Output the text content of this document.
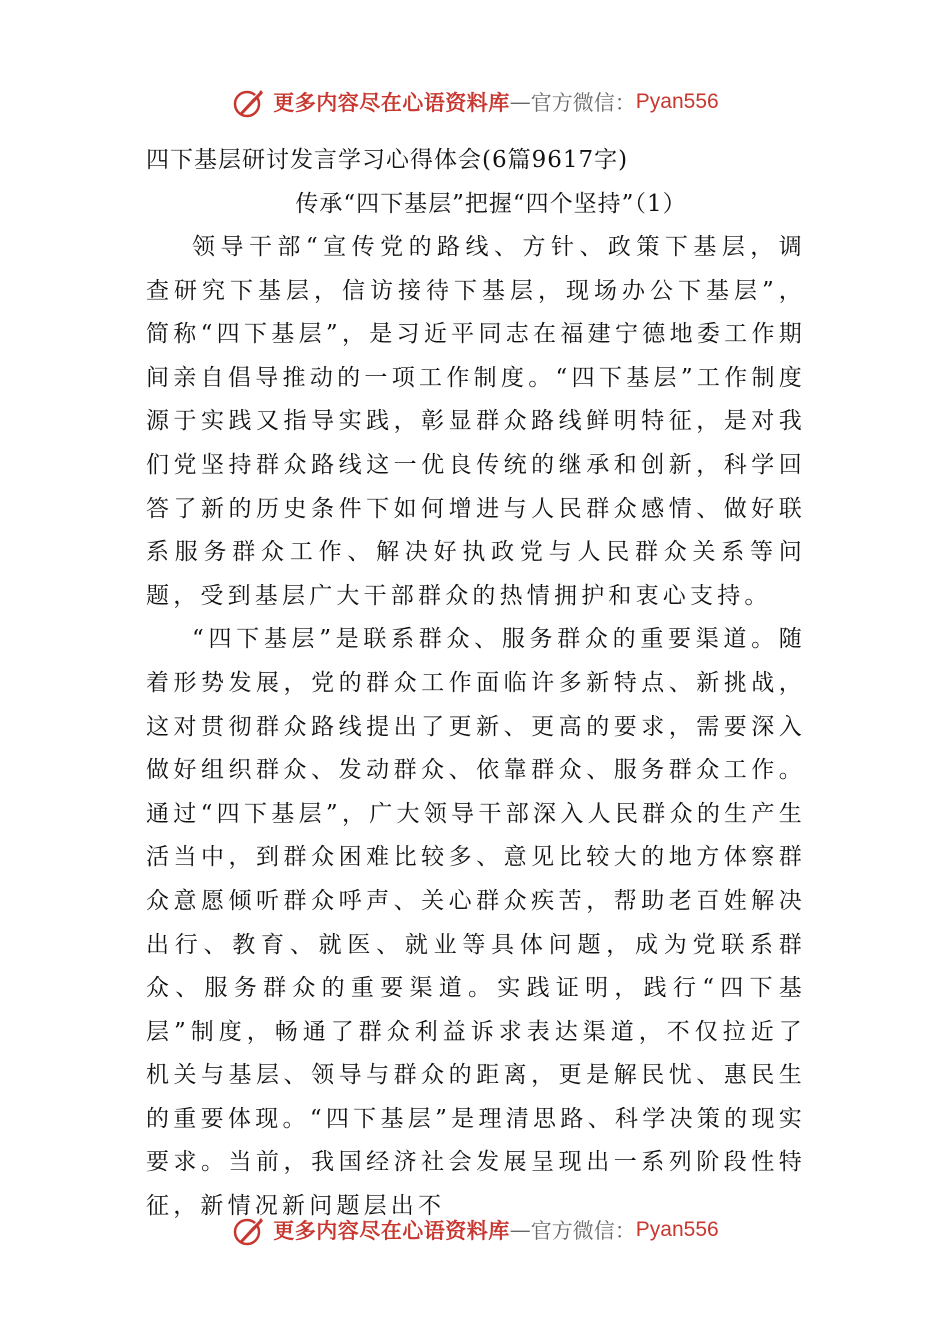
更多内容尽在心语资料库 — 官方微信： Pyan556
四下基层研讨发言学习心得体会(6篇9617字)
传承“四下基层”把握“四个坚持”（1）

领导干部“宣传党的路线、方针、政策下基层，调查研究下基层，信访接待下基层，现场办公下基层”，简称“四下基层”，是习近平同志在福建宁德地委工作期间亲自倡导推动的一项工作制度。“四下基层”工作制度源于实践又指导实践，彰显群众路线鲜明特征，是对我们党坚持群众路线这一优良传统的继承和创新，科学回答了新的历史条件下如何增进与人民群众感情、做好联系服务群众工作、解决好执政党与人民群众关系等问题，受到基层广大干部群众的热情拥护和衷心支持。

“四下基层”是联系群众、服务群众的重要渠道。随着形势发展，党的群众工作面临许多新特点、新挑战，这对贯彻群众路线提出了更新、更高的要求，需要深入做好组织群众、发动群众、依靠群众、服务群众工作。通过“四下基层”，广大领导干部深入人民群众的生产生活当中，到群众困难比较多、意见比较大的地方体察群众意愿倾听群众呼声、关心群众疾苦，帮助老百姓解决出行、教育、就医、就业等具体问题，成为党联系群众、服务群众的重要渠道。实践证明，践行“四下基层”制度，畅通了群众利益诉求表达渠道，不仅拉近了机关与基层、领导与群众的距离，更是解民忧、惠民生的重要体现。“四下基层”是理清思路、科学决策的现实要求。当前，我国经济社会发展呈现出一系列阶段性特征，新情况新问题层出不

更多内容尽在心语资料库 — 官方微信： Pyan556
